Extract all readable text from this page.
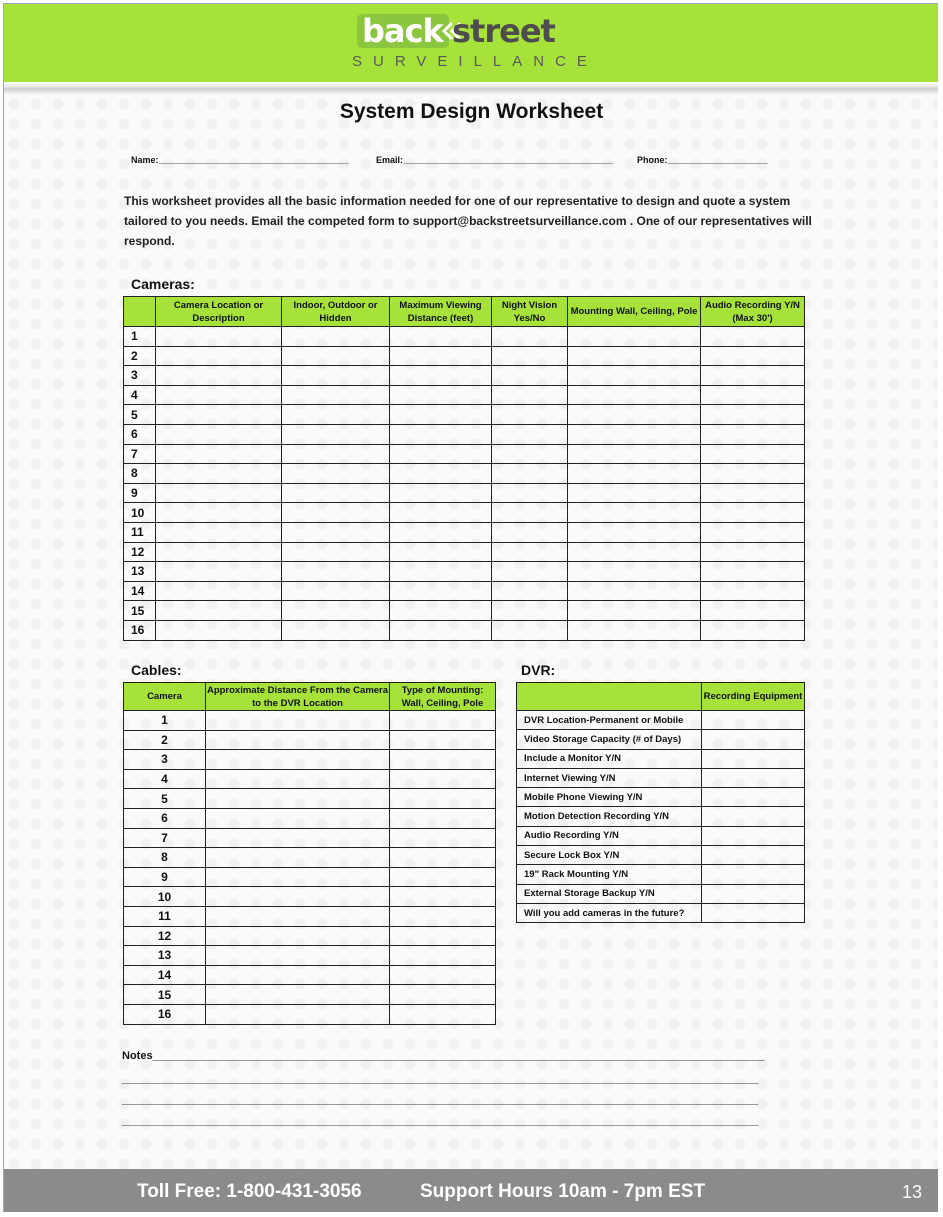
back street
SURVEILLANCE
System Design Worksheet
Name:______________________________________	Email:__________________________________________	Phone:____________________
This worksheet provides all the basic information needed for one of our representative to design and quote a system tailored to you needs. Email the competed form to support@backstreetsurveillance.com . One of our representatives will respond.
Cameras:
	Camera Location or Description	Indoor, Outdoor or Hidden	Maximum Viewing Distance (feet)	Night Vision Yes/No	Mounting Wall, Ceiling, Pole	Audio Recording Y/N (Max 30')
1						
2						
3						
4						
5						
6						
7						
8						
9						
10						
11						
12						
13						
14						
15						
16						
Cables:
Camera	Approximate Distance From the Camera to the DVR Location	Type of Mounting: Wall, Ceiling, Pole
1		
2		
3		
4		
5		
6		
7		
8		
9		
10		
11		
12		
13		
14		
15		
16		
DVR:
	Recording Equipment
DVR Location-Permanent or Mobile	
Video Storage Capacity (# of Days)	
Include a Monitor Y/N	
Internet Viewing Y/N	
Mobile Phone Viewing Y/N	
Motion Detection Recording Y/N	
Audio Recording Y/N	
Secure Lock Box Y/N	
19" Rack Mounting Y/N	
External Storage Backup Y/N	
Will you add cameras in the future?	
Notes____________________________________________________________________________________________________
________________________________________________________________________________________________________
________________________________________________________________________________________________________
________________________________________________________________________________________________________
Toll Free: 1-800-431-3056	Support Hours 10am - 7pm EST	13
